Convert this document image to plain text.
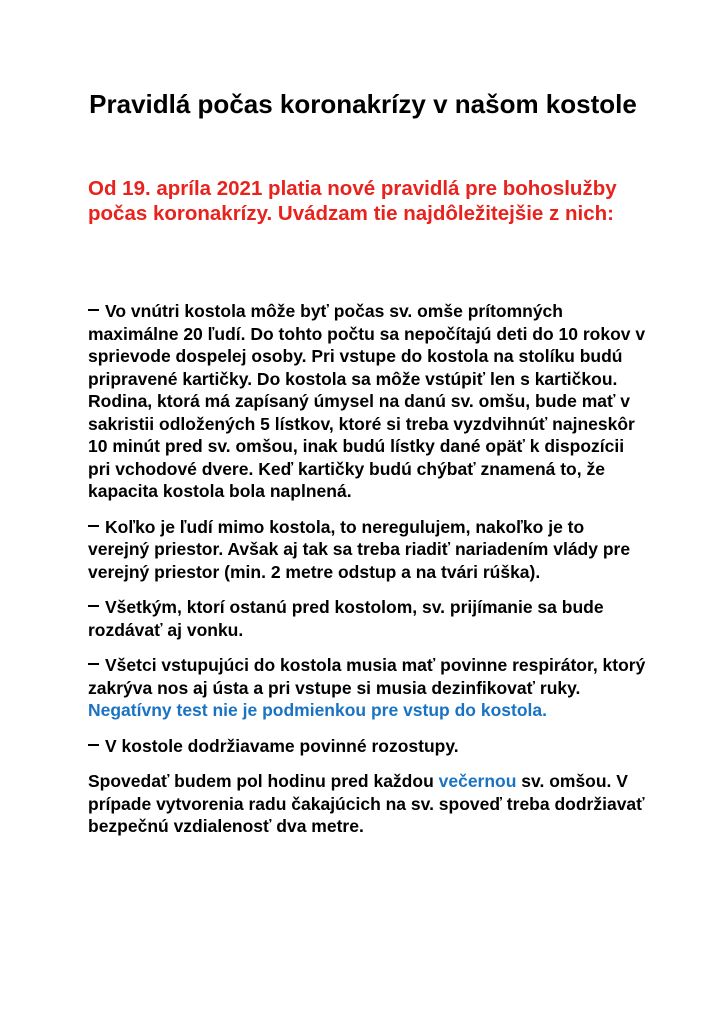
Pravidlá počas koronakrízy v našom kostole

Od 19. apríla 2021 platia nové pravidlá pre bohoslužby počas koronakrízy. Uvádzam tie najdôležitejšie z nich:

Vo vnútri kostola môže byť počas sv. omše prítomných maximálne 20 ľudí. Do tohto počtu sa nepočítajú deti do 10 rokov v sprievode dospelej osoby. Pri vstupe do kostola na stolíku budú pripravené kartičky. Do kostola sa môže vstúpiť len s kartičkou. Rodina, ktorá má zapísaný úmysel na danú sv. omšu, bude mať v sakristii odložených 5 lístkov, ktoré si treba vyzdvihnúť najneskôr 10 minút pred sv. omšou, inak budú lístky dané opäť k dispozícii pri vchodové dvere. Keď kartičky budú chýbať znamená to, že kapacita kostola bola naplnená.

Koľko je ľudí mimo kostola, to neregulujem, nakoľko je to verejný priestor. Avšak aj tak sa treba riadiť nariadením vlády pre verejný priestor (min. 2 metre odstup a na tvári rúška).

Všetkým, ktorí ostanú pred kostolom, sv. prijímanie sa bude rozdávať aj vonku.

Všetci vstupujúci do kostola musia mať povinne respirátor, ktorý zakrýva nos aj ústa a pri vstupe si musia dezinfikovať ruky. Negatívny test nie je podmienkou pre vstup do kostola.

V kostole dodržiavame povinné rozostupy.

Spovedať budem pol hodinu pred každou večernou sv. omšou. V prípade vytvorenia radu čakajúcich na sv. spoveď treba dodržiavať bezpečnú vzdialenosť dva metre.
